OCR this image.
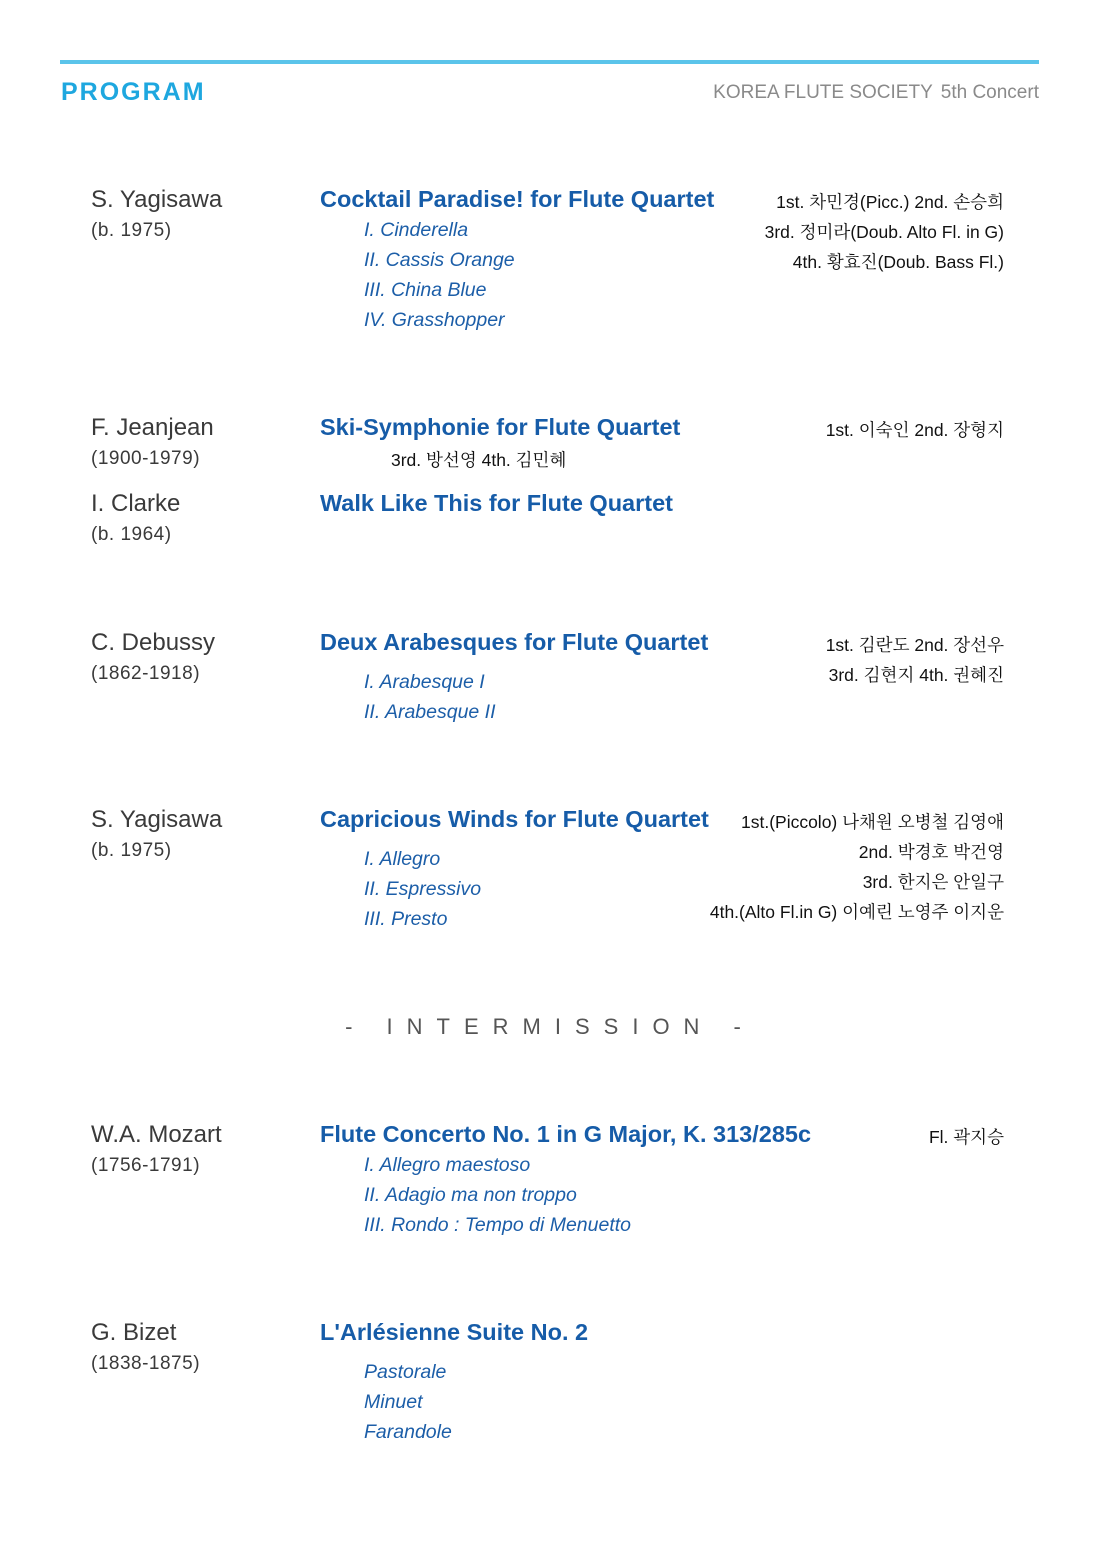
PROGRAM	KOREA FLUTE SOCIETY 5th Concert
S. Yagisawa
(b. 1975)
Cocktail Paradise! for Flute Quartet
I. Cinderella
II. Cassis Orange
III. China Blue
IV. Grasshopper
1st. 차민경(Picc.) 2nd. 손승희
3rd. 정미라(Doub. Alto Fl. in G)
4th. 황효진(Doub. Bass Fl.)
F. Jeanjean
(1900-1979)
Ski-Symphonie for Flute Quartet	1st. 이숙인 2nd. 장형지
3rd. 방선영 4th. 김민혜
I. Clarke
(b. 1964)
Walk Like This for Flute Quartet
C. Debussy
(1862-1918)
Deux Arabesques for Flute Quartet
I. Arabesque I
II. Arabesque II
1st. 김란도 2nd. 장선우
3rd. 김현지 4th. 권혜진
S. Yagisawa
(b. 1975)
Capricious Winds for Flute Quartet
I. Allegro
II. Espressivo
III. Presto
1st.(Piccolo) 나채원 오병철 김영애
2nd. 박경호 박건영
3rd. 한지은 안일구
4th.(Alto Fl.in G) 이예린 노영주 이지운
- INTERMISSION -
W.A. Mozart
(1756-1791)
Flute Concerto No. 1 in G Major, K. 313/285c
I. Allegro maestoso
II. Adagio ma non troppo
III. Rondo : Tempo di Menuetto
Fl. 곽지승
G. Bizet
(1838-1875)
L'Arlésienne Suite No. 2
Pastorale
Minuet
Farandole
